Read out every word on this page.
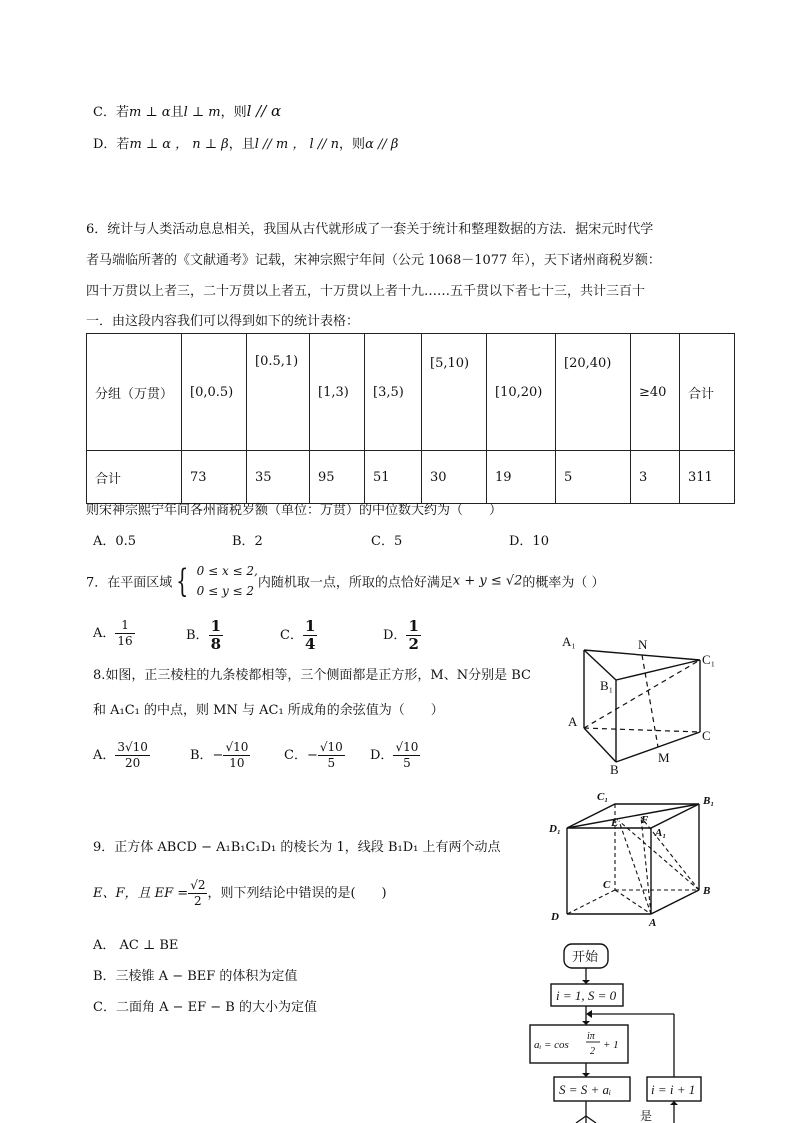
C．若m ⊥ α且l ⊥ m，则l // α
D．若m ⊥ α ， n ⊥ β，且l // m ， l // n，则α // β
6．统计与人类活动息息相关，我国从古代就形成了一套关于统计和整理数据的方法．据宋元时代学
者马端临所著的《文献通考》记载，宋神宗熙宁年间（公元 1068－1077 年），天下诸州商税岁额：
四十万贯以上者三，二十万贯以上者五，十万贯以上者十九……五千贯以下者七十三，共计三百十
一．由这段内容我们可以得到如下的统计表格：
分组（万贯）	[0,0.5)	[0.5,1)	[1,3)	[3,5)	[5,10)	[10,20)	[20,40)	≥40	合计
合计	73	35	95	51	30	19	5	3	311
则宋神宗熙宁年间各州商税岁额（单位：万贯）的中位数大约为（　　）
A．0.5	B．2	C．5	D．10
7．在平面区域 { 0 ≤ x ≤ 2,
0 ≤ y ≤ 2
内随机取一点，所取的点恰好满足x + y ≤ √2的概率为（ ）
A． $\frac{1}{16}$	B． $\frac{1}{8}$	C． $\frac{1}{4}$	D． $\frac{1}{2}$
8.如图，正三棱柱的九条棱都相等，三个侧面都是正方形，M、N分别是 BC
和 A₁C₁ 的中点，则 MN 与 AC₁ 所成角的余弦值为（　　）
A． $\frac{3√10}{20}$	B．− $\frac{√10}{10}$	C．− $\frac{√10}{5}$ D． $\frac{√10}{5}$
A₁	N
C₁
B₁
A
C
B
M
9．正方体 ABCD − A₁B₁C₁D₁ 的棱长为 1，线段 B₁D₁ 上有两个动点
E、F，且 EF = $\frac{√2}{2}$ ，则下列结论中错误的是(　　)
A． AC ⊥ BE
B．三棱锥 A − BEF 的体积为定值
C．二面角 A − EF − B 的大小为定值
C₁	B₁
D₁	E F
A₁
C	B
D	A
开始
i = 1, S = 0
aᵢ = cos
iπ
2
+ 1
S = S + aᵢ	i = i + 1
是
